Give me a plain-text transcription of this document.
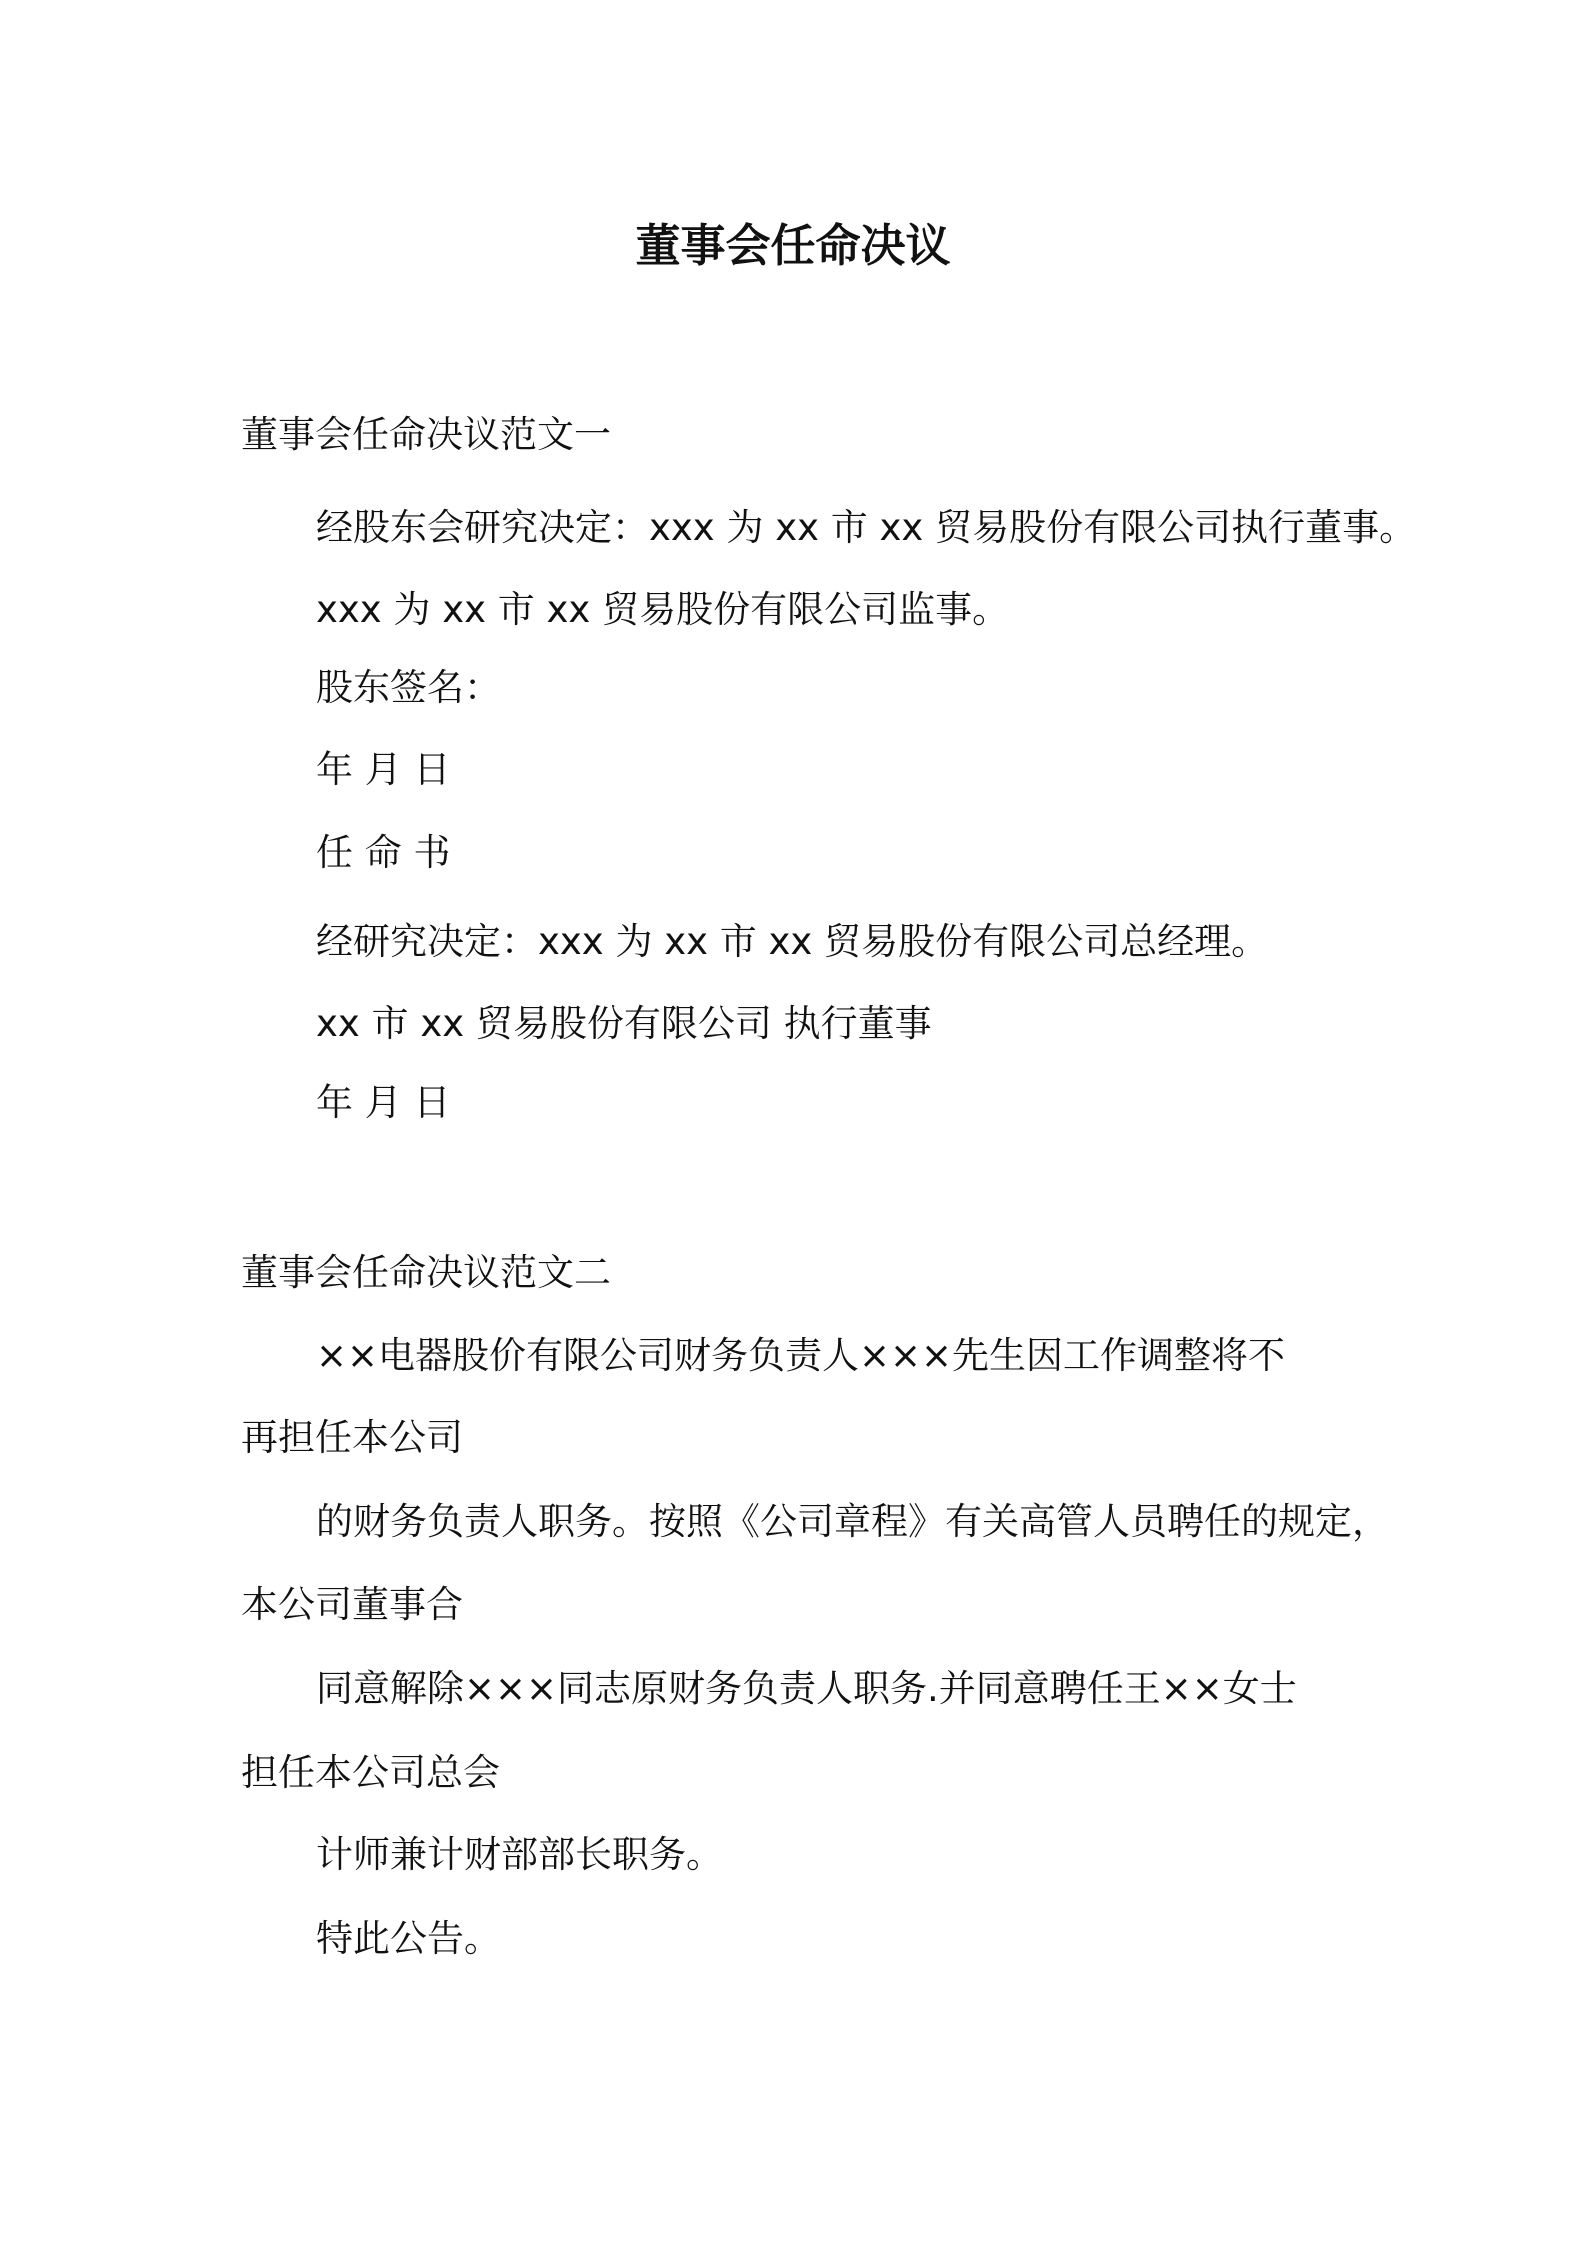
董事会任命决议
董事会任命决议范文一
经股东会研究决定：xxx 为 xx 市 xx 贸易股份有限公司执行董事。
xxx 为 xx 市 xx 贸易股份有限公司监事。
股东签名：
年 月 日
任 命 书
经研究决定：xxx 为 xx 市 xx 贸易股份有限公司总经理。
xx 市 xx 贸易股份有限公司 执行董事
年 月 日
董事会任命决议范文二
××电器股价有限公司财务负责人×××先生因工作调整将不
再担任本公司
的财务负责人职务。按照《公司章程》有关高管人员聘任的规定，
本公司董事合
同意解除×××同志原财务负责人职务.并同意聘任王××女士
担任本公司总会
计师兼计财部部长职务。
特此公告。
